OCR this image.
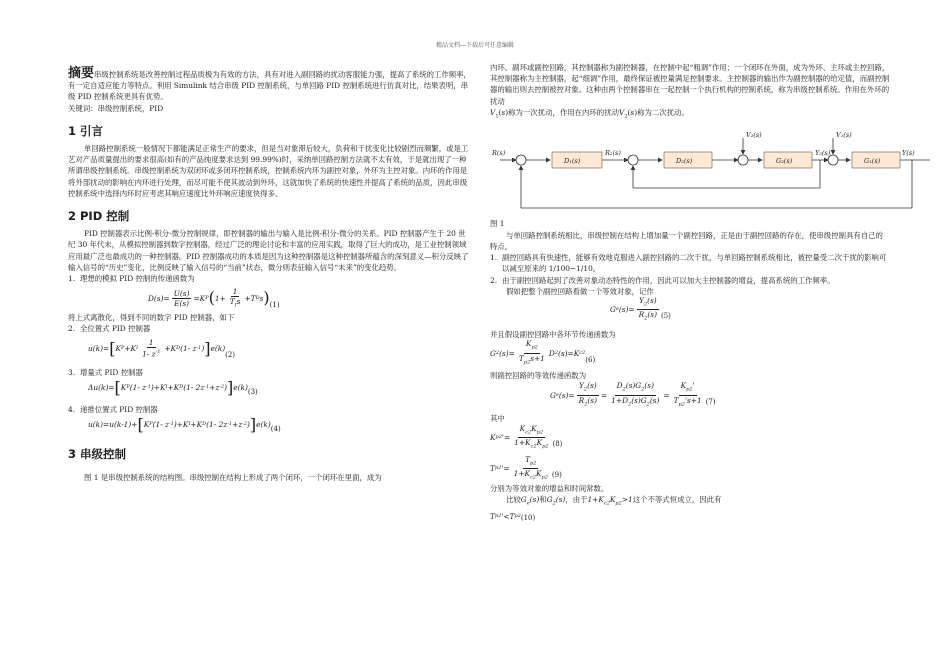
精品文档---下载后可任意编辑

摘要串级控制系统是改善控制过程品质极为有效的方法，具有对进入副回路的扰动客服能力强，提高了系统的工作频率，有一定自适应能力等特点。利用 Simulink 结合串级 PID 控制系统，与单回路 PID 控制系统进行仿真对比，结果表明，串级 PID 控制系统更具有优势。

关键词：串级控制系统，PID

1 引言

单回路控制系统一般情况下都能满足正常生产的要求，但是当对象滞后较大，负荷和干扰变化比较剧烈而频繁，或是工艺对产品质量提出的要求很高(如有的产品纯度要求达到 99.99%)时，采纳单回路控制方法就不太有效，于是就出现了一种所谓串级控制系统。串级控制系统为双闭环或多闭环控制系统，控制系统内环为副控对象，外环为主控对象。内环的作用是将外部扰动的影响在内环进行处理，而尽可能不使其波动到外环，这就加快了系统的快速性并提高了系统的品质，因此串级控制系统中选择内环时应考虑其响应速度比外环响应速度快得多。

2 PID 控制

PID 控制器表示比例-积分-微分控制规律，即控制器的输出与输入是比例-积分-微分的关系。PID 控制器产生于 20 世纪 30 年代末，从模拟控制器到数字控制器，经过广泛的理论讨论和丰富的应用实践，取得了巨大的成功，是工业控制领域应用最广泛也最成功的一种控制器。PID 控制器成功的本质是因为这种控制器是这种控制器所蕴含的深刻意义—积分反映了输入信号的“历史”变化，比例反映了输入信号的“当前”状态，微分则表征输入信号“未来”的变化趋势。

1. 理想的模拟 PID 控制的传递函数为
$D(s)= \frac{U(s)}{E(s)} =K$ P ( $1+ \frac{1}{T_Is} +T$ D s ) (1)

将上式离散化，得到不同的数字 PID 控制器，如下

2. 全位置式 PID 控制器
u(k)= [ K P +K I $\frac{1}{1- z^{-1}} +K$ D (1- z -1 ) ] e(k)
(2)
3. 增量式 PID 控制器
Δu(k)= [ K P (1- z -1 )+K I +K D (1- 2z -1 +z -2 ) ] e(k)
(3)
4. 递推位置式 PID 控制器
u(k)=u(k-1)+ [ K P (1- z -1 )+K I +K D (1- 2z -1 +z -2 ) ] e(k)
(4)
3 串级控制

图 1 是串级控制系统的结构图。串级控制在结构上形成了两个闭环，一个闭环在里面，成为

内环、副环或副控回路，其控制器称为副控制器，在控制中起“粗调”作用；一个闭环在外面，成为外环、主环或主控回路，其控制器称为主控制器，起“细调”作用，最终保证被控量满足控制要求。主控制器的输出作为副控制器的给定值，而副控制器的输出则去控制被控对象。这种由两个控制器串在一起控制一个执行机构的控制系统，称为串级控制系统。作用在外环的扰动
$V_1(s)$称为一次扰动，作用在内环的扰动$V_2(s)$称为二次扰动。

R(s)
D₁(s)
R₂(s)
D₂(s)
V₂(s)
G₂(s)
V₁(s)
Y₂(s)
G₁(s)
Y(s)

图 1

与单回路控制系统相比，串级控制在结构上增加量一个副控回路，正是由于副控回路的存在，使串级控制具有自己的特点。

1. 副控回路具有快速性，能够有效地克服进入副控回路的二次干扰，与单回路控制系统相比，被控量受二次干扰的影响可以减至原来的 1/100~1/10。
2. 由于副控回路起到了改善对象动态特性的作用，因此可以加大主控制器的增益，提高系统的工作频率。

假如把整个副控回路看做一个等效对象，记作

G e $(s)= \frac{Y_2(s)}{R_2(s)} (5)$

并且假设副控回路中各环节传递函数为

G 2 $(s)= \frac{K_{p2}}{T_{p2}s+1}$ D 2 (s)=K c2
(6)

则副控回路的等效传递函数为

G e $(s)= \frac{Y_2(s)}{R_2(s)} = \frac{D_2(s)G_2(s)}{1+D_2(s)G_2(s)} = \frac{K_{p2}'}{T_{p2}'s+1} (7)$

其中

K p2 '= $\frac{K_{c2}K_{p2}}{1+K_{c2}K_{p2}} (8)$
T p2 '= $\frac{T_{p2}}{1+K_{c2}K_{p2}} (9)$

分别为等效对象的增益和时间常数。

比较$G_e(s)$和$G_2(s)$，由于$1+K_{c2}K_{p2}>1$这个不等式恒成立，因此有

T p2 '<T p2 (10)
